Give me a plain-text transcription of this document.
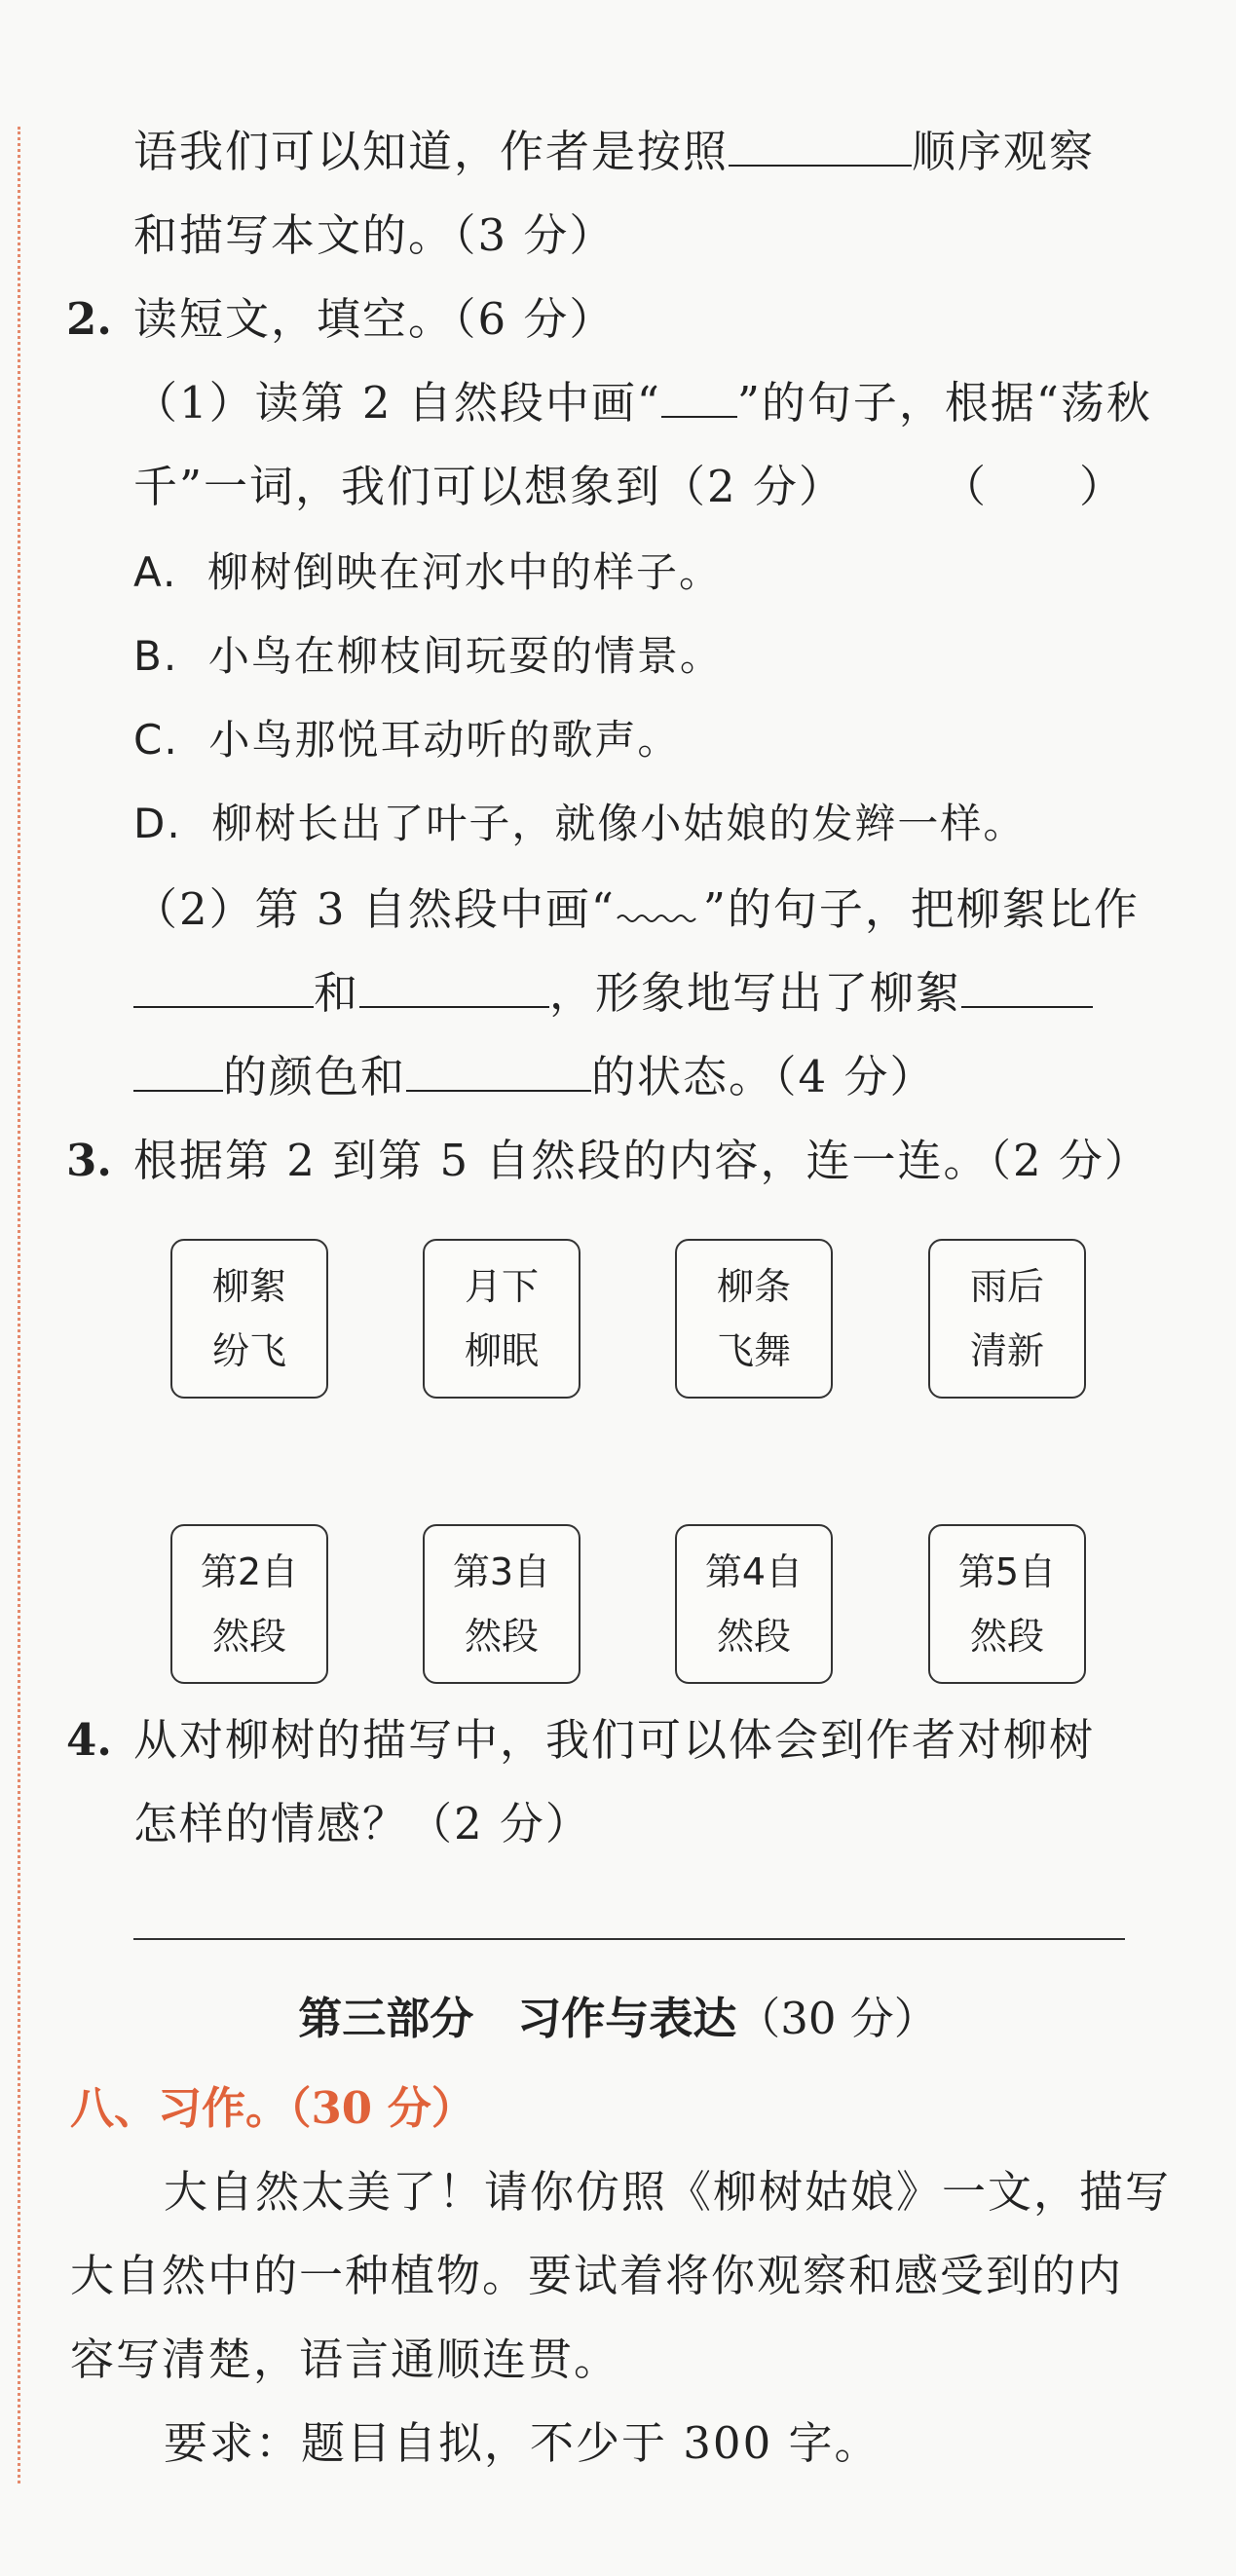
语我们可以知道，作者是按照	顺序观察
和描写本文的。（3 分）
2. 读短文，填空。（6 分）
（1）读第 2 自然段中画“ ”的句子，根据“荡秋
千”一词，我们可以想象到（2 分） （　　）
A. 柳树倒映在河水中的样子。
B. 小鸟在柳枝间玩耍的情景。
C. 小鸟那悦耳动听的歌声。
D. 柳树长出了叶子，就像小姑娘的发辫一样。
（2）第 3 自然段中画“ ”的句子，把柳絮比作
和	，形象地写出了柳絮
的颜色和	的状态。（4 分）
3. 根据第 2 到第 5 自然段的内容，连一连。（2 分）
柳絮
纷飞
月下
柳眠
柳条
飞舞
雨后
清新
第2自
然段
第3自
然段
第4自
然段
第5自
然段
4. 从对柳树的描写中，我们可以体会到作者对柳树
怎样的情感？（2 分）
第三部分　习作与表达（30 分）
八、习作。（30 分）
大自然太美了！请你仿照《柳树姑娘》一文，描写
大自然中的一种植物。要试着将你观察和感受到的内
容写清楚，语言通顺连贯。
要求：题目自拟，不少于 300 字。
